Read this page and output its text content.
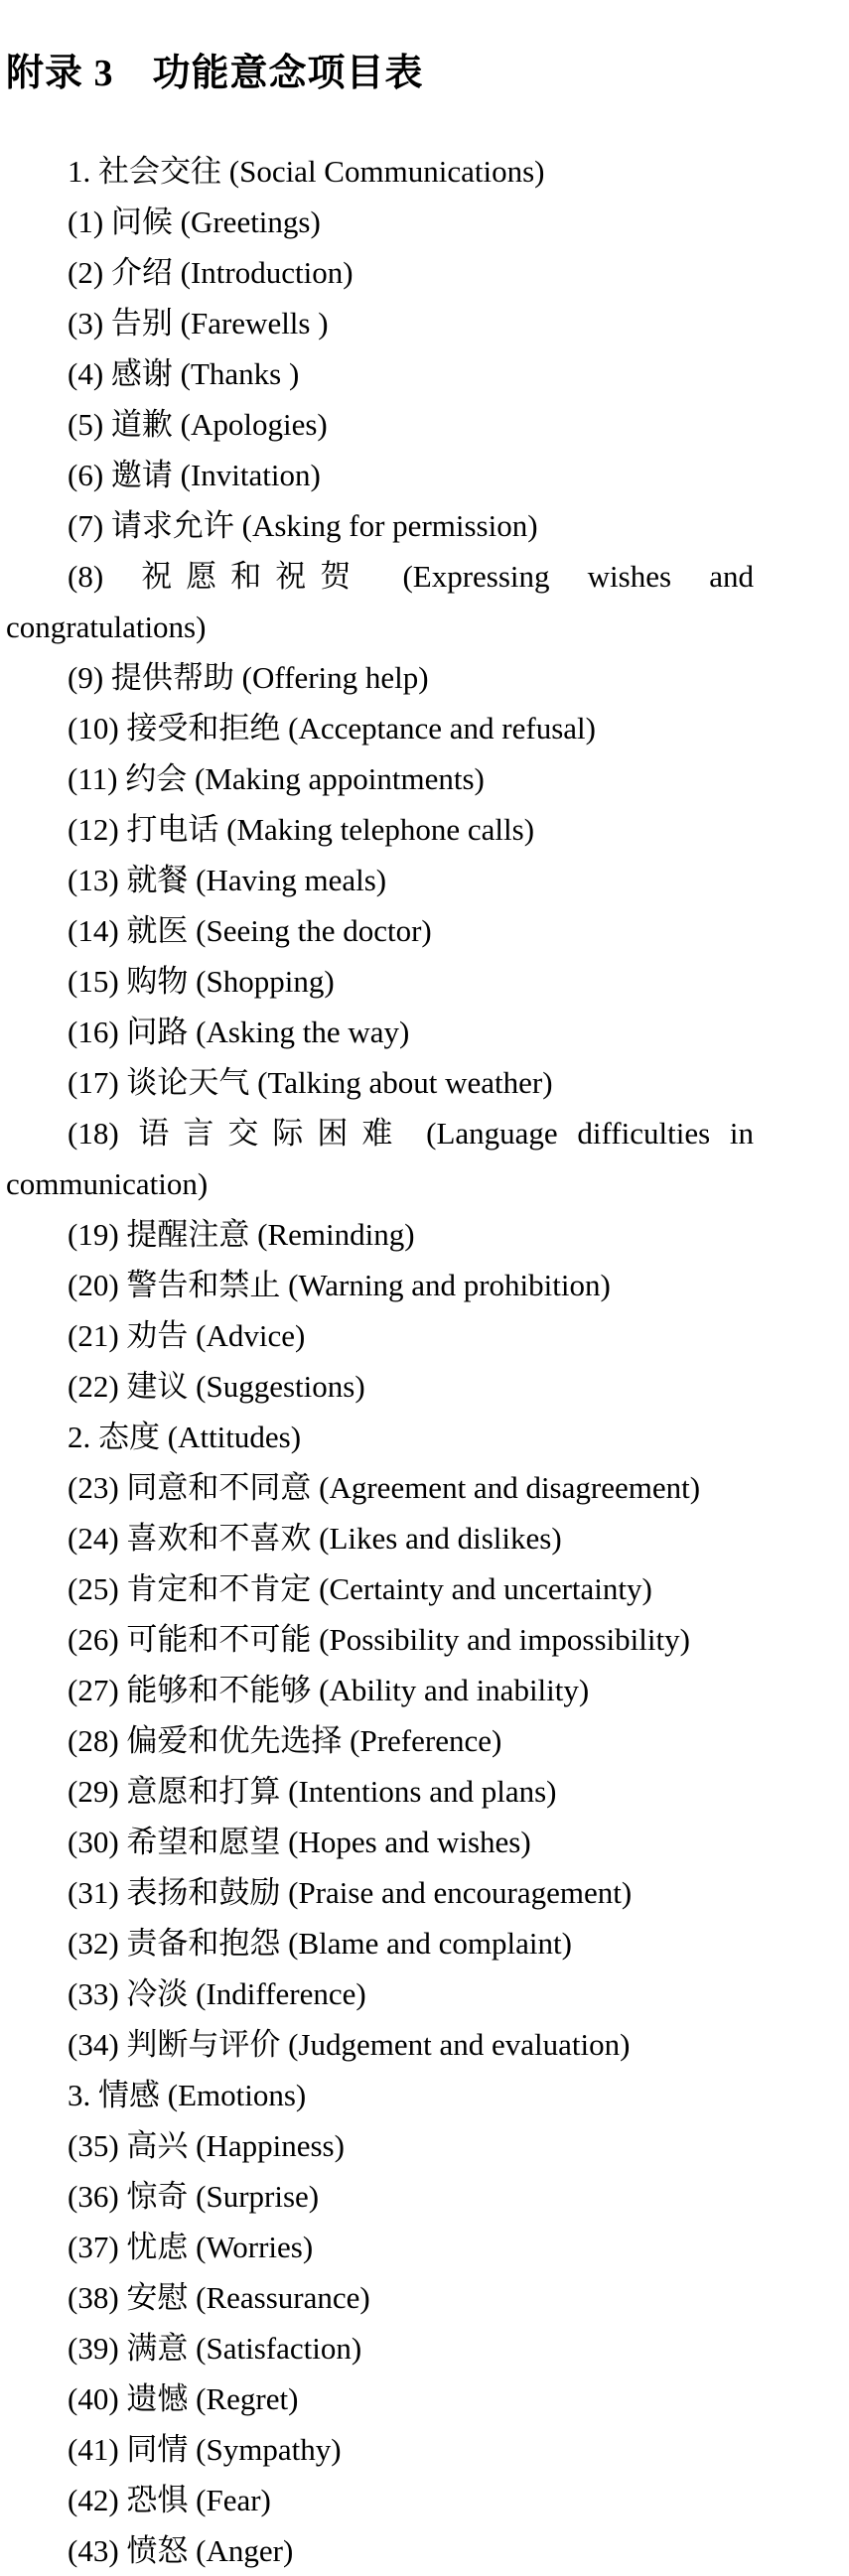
附录 3　功能意念项目表
1. 社会交往 (Social Communications)
(1) 问候 (Greetings)
(2) 介绍 (Introduction)
(3) 告别 (Farewells )
(4) 感谢 (Thanks )
(5) 道歉 (Apologies)
(6) 邀请 (Invitation)
(7) 请求允许 (Asking for permission)
(8) 祝愿和祝贺 (Expressing wishes and
congratulations)
(9) 提供帮助 (Offering help)
(10) 接受和拒绝 (Acceptance and refusal)
(11) 约会 (Making appointments)
(12) 打电话 (Making telephone calls)
(13) 就餐 (Having meals)
(14) 就医 (Seeing the doctor)
(15) 购物 (Shopping)
(16) 问路 (Asking the way)
(17) 谈论天气 (Talking about weather)
(18) 语言交际困难 (Language difficulties in
communication)
(19) 提醒注意 (Reminding)
(20) 警告和禁止 (Warning and prohibition)
(21) 劝告 (Advice)
(22) 建议 (Suggestions)
2. 态度 (Attitudes)
(23) 同意和不同意 (Agreement and disagreement)
(24) 喜欢和不喜欢 (Likes and dislikes)
(25) 肯定和不肯定 (Certainty and uncertainty)
(26) 可能和不可能 (Possibility and impossibility)
(27) 能够和不能够 (Ability and inability)
(28) 偏爱和优先选择 (Preference)
(29) 意愿和打算 (Intentions and plans)
(30) 希望和愿望 (Hopes and wishes)
(31) 表扬和鼓励 (Praise and encouragement)
(32) 责备和抱怨 (Blame and complaint)
(33) 冷淡 (Indifference)
(34) 判断与评价 (Judgement and evaluation)
3. 情感 (Emotions)
(35) 高兴 (Happiness)
(36) 惊奇 (Surprise)
(37) 忧虑 (Worries)
(38) 安慰 (Reassurance)
(39) 满意 (Satisfaction)
(40) 遗憾 (Regret)
(41) 同情 (Sympathy)
(42) 恐惧 (Fear)
(43) 愤怒 (Anger)
